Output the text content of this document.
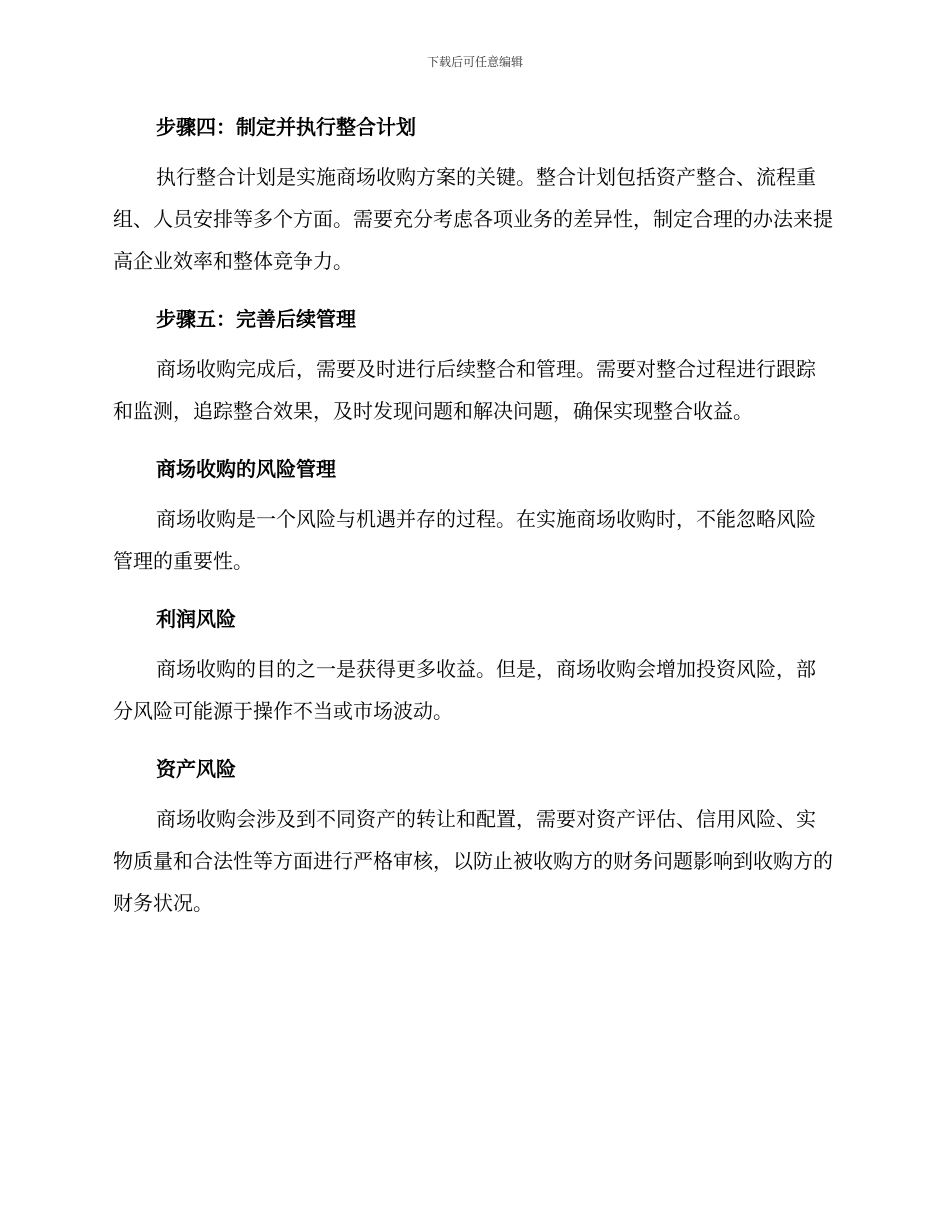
下载后可任意编辑
步骤四：制定并执行整合计划

执行整合计划是实施商场收购方案的关键。整合计划包括资产整合、流程重组、人员安排等多个方面。需要充分考虑各项业务的差异性，制定合理的办法来提高企业效率和整体竞争力。

步骤五：完善后续管理

商场收购完成后，需要及时进行后续整合和管理。需要对整合过程进行跟踪和监测，追踪整合效果，及时发现问题和解决问题，确保实现整合收益。

商场收购的风险管理

商场收购是一个风险与机遇并存的过程。在实施商场收购时，不能忽略风险管理的重要性。

利润风险

商场收购的目的之一是获得更多收益。但是，商场收购会增加投资风险，部分风险可能源于操作不当或市场波动。

资产风险

商场收购会涉及到不同资产的转让和配置，需要对资产评估、信用风险、实物质量和合法性等方面进行严格审核，以防止被收购方的财务问题影响到收购方的财务状况。
